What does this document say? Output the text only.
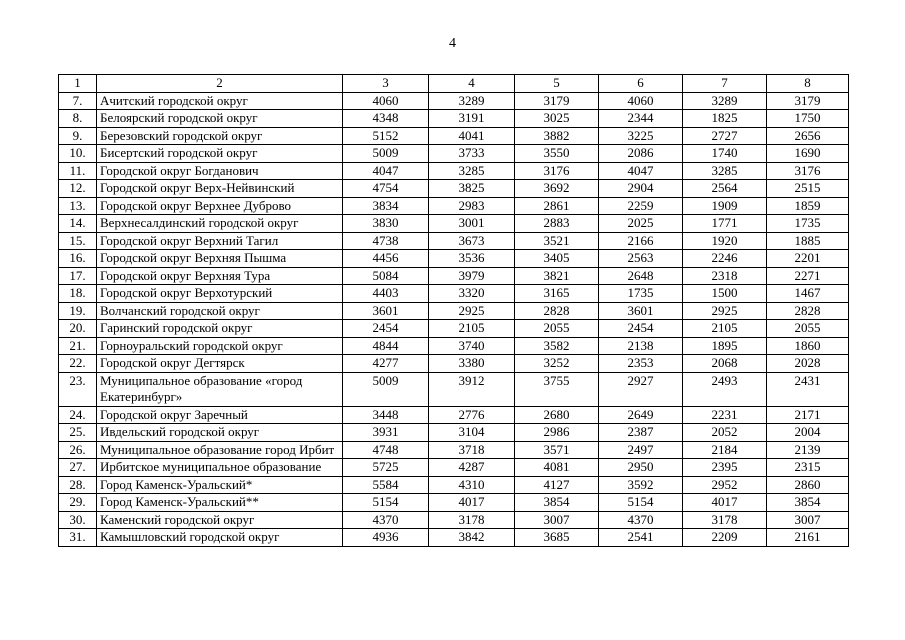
4
1	2	3	4	5	6	7	8
7.	Ачитский городской округ	4060	3289	3179	4060	3289	3179
8.	Белоярский городской округ	4348	3191	3025	2344	1825	1750
9.	Березовский городской округ	5152	4041	3882	3225	2727	2656
10.	Бисертский городской округ	5009	3733	3550	2086	1740	1690
11.	Городской округ Богданович	4047	3285	3176	4047	3285	3176
12.	Городской округ Верх-Нейвинский	4754	3825	3692	2904	2564	2515
13.	Городской округ Верхнее Дуброво	3834	2983	2861	2259	1909	1859
14.	Верхнесалдинский городской округ	3830	3001	2883	2025	1771	1735
15.	Городской округ Верхний Тагил	4738	3673	3521	2166	1920	1885
16.	Городской округ Верхняя Пышма	4456	3536	3405	2563	2246	2201
17.	Городской округ Верхняя Тура	5084	3979	3821	2648	2318	2271
18.	Городской округ Верхотурский	4403	3320	3165	1735	1500	1467
19.	Волчанский городской округ	3601	2925	2828	3601	2925	2828
20.	Гаринский городской округ	2454	2105	2055	2454	2105	2055
21.	Горноуральский городской округ	4844	3740	3582	2138	1895	1860
22.	Городской округ Дегтярск	4277	3380	3252	2353	2068	2028
23.	Муниципальное образование «город Екатеринбург»	5009	3912	3755	2927	2493	2431
24.	Городской округ Заречный	3448	2776	2680	2649	2231	2171
25.	Ивдельский городской округ	3931	3104	2986	2387	2052	2004
26.	Муниципальное образование город Ирбит	4748	3718	3571	2497	2184	2139
27.	Ирбитское муниципальное образование	5725	4287	4081	2950	2395	2315
28.	Город Каменск-Уральский*	5584	4310	4127	3592	2952	2860
29.	Город Каменск-Уральский**	5154	4017	3854	5154	4017	3854
30.	Каменский городской округ	4370	3178	3007	4370	3178	3007
31.	Камышловский городской округ	4936	3842	3685	2541	2209	2161
